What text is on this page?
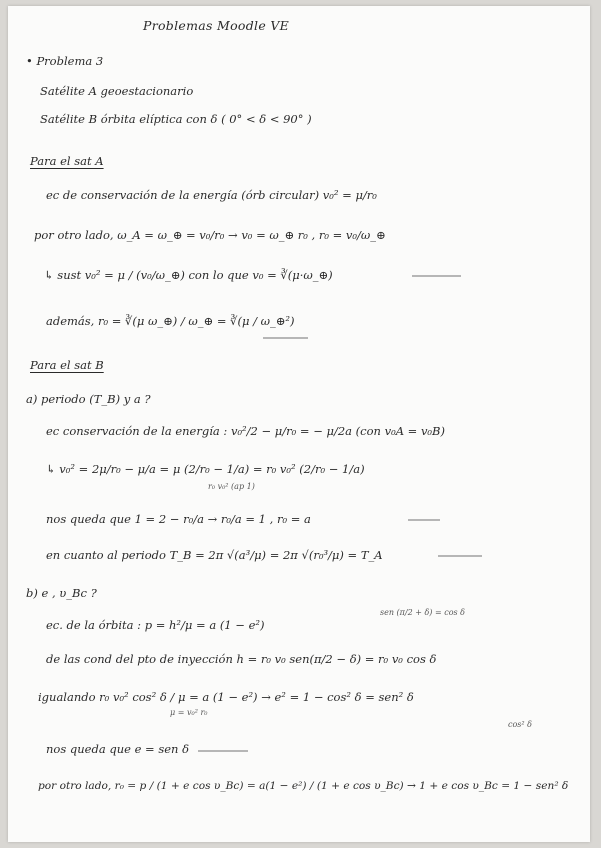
Problemas Moodle VE
• Problema 3
Satélite A geoestacionario
Satélite B órbita elíptica con δ ( 0° < δ < 90° )
Para el sat A
ec de conservación de la energía (órb circular) v₀² = μ/r₀
por otro lado, ω_A = ω_⊕ = v₀/r₀ → v₀ = ω_⊕ r₀ , r₀ = v₀/ω_⊕
↳ sust v₀² = μ / (v₀/ω_⊕) con lo que v₀ = ∛(μ·ω_⊕)
además, r₀ = ∛(μ ω_⊕) / ω_⊕ = ∛(μ / ω_⊕²)
Para el sat B
a) periodo (T_B) y a ?
ec conservación de la energía : v₀²/2 − μ/r₀ = − μ/2a (con v₀A = v₀B)
↳ v₀² = 2μ/r₀ − μ/a = μ (2/r₀ − 1/a) = r₀ v₀² (2/r₀ − 1/a)
r₀ v₀² (ap 1)
nos queda que 1 = 2 − r₀/a → r₀/a = 1 , r₀ = a
en cuanto al periodo T_B = 2π √(a³/μ) = 2π √(r₀³/μ) = T_A
b) e , υ_Bc ?
sen (π/2 + δ) = cos δ
ec. de la órbita : p = h²/μ = a (1 − e²)
de las cond del pto de inyección h = r₀ v₀ sen(π/2 − δ) = r₀ v₀ cos δ
igualando r₀ v₀² cos² δ / μ = a (1 − e²) → e² = 1 − cos² δ = sen² δ
μ = v₀² r₀
nos queda que e = sen δ
cos² δ
por otro lado, r₀ = p / (1 + e cos υ_Bc) = a(1 − e²) / (1 + e cos υ_Bc) → 1 + e cos υ_Bc = 1 − sen² δ
